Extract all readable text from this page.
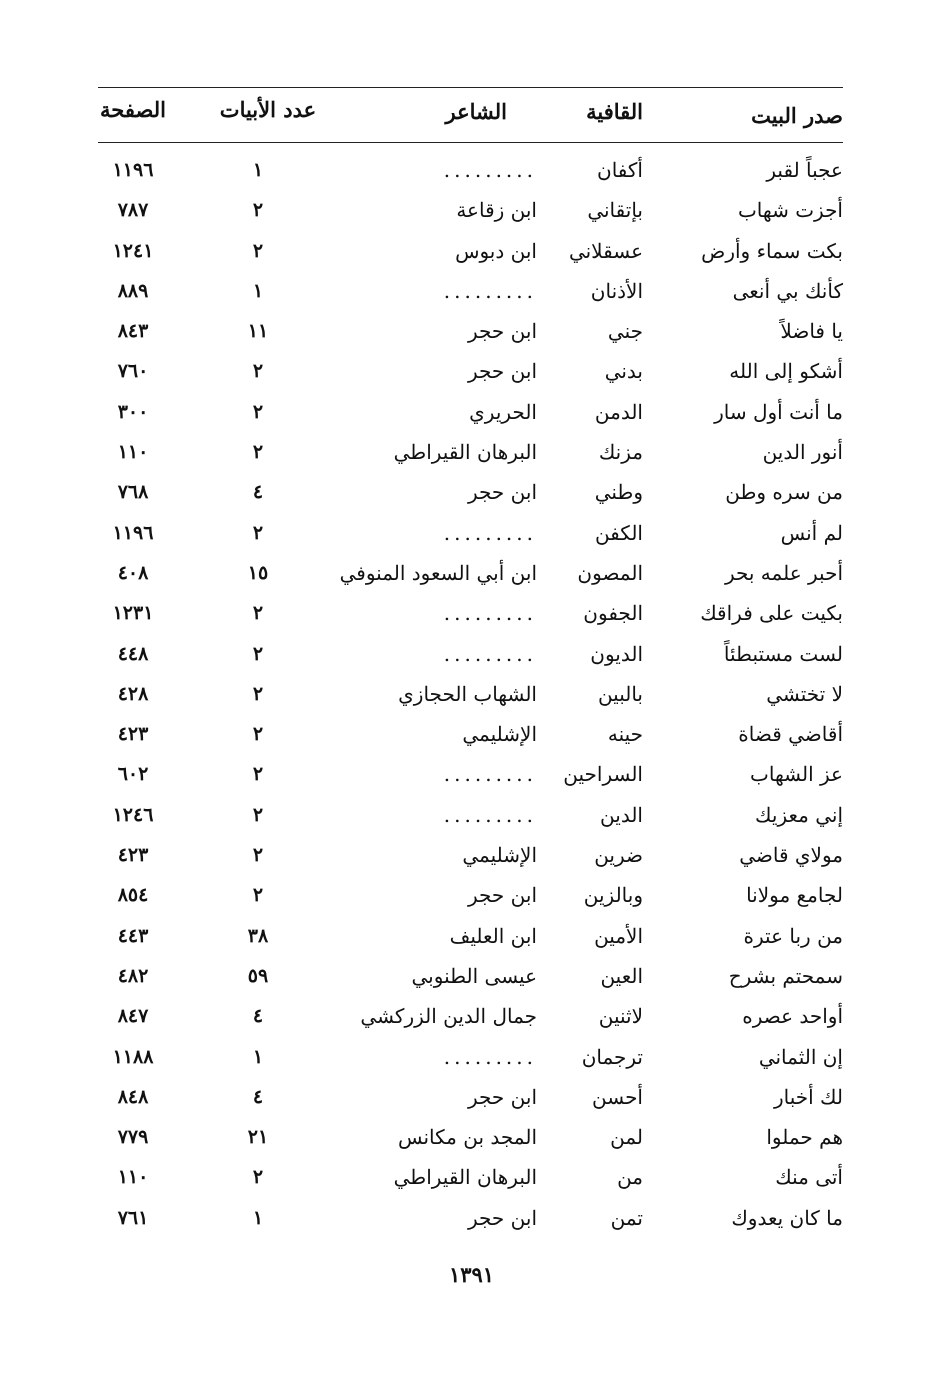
صدر البيت
القافية
الشاعر
عدد الأبيات
الصفحة
عجباً لقبر
أكفان
.........
١
١١٩٦
أجزت شهاب
بإتقاني
ابن زقاعة
٢
٧٨٧
بكت سماء وأرض
عسقلاني
ابن دبوس
٢
١٢٤١
كأنك بي أنعى
الأذنان
.........
١
٨٨٩
يا فاضلاً
جني
ابن حجر
١١
٨٤٣
أشكو إلى الله
بدني
ابن حجر
٢
٧٦٠
ما أنت أول سار
الدمن
الحريري
٢
٣٠٠
أنور الدين
مزنك
البرهان القيراطي
٢
١١٠
من سره وطن
وطني
ابن حجر
٤
٧٦٨
لم أنس
الكفن
.........
٢
١١٩٦
أحبر علمه بحر
المصون
ابن أبي السعود المنوفي
١٥
٤٠٨
بكيت على فراقك
الجفون
.........
٢
١٢٣١
لست مستبطئاً
الديون
.........
٢
٤٤٨
لا تختشي
بالبين
الشهاب الحجازي
٢
٤٢٨
أقاضي قضاة
حينه
الإشليمي
٢
٤٢٣
عز الشهاب
السراحين
.........
٢
٦٠٢
إني معزيك
الدين
.........
٢
١٢٤٦
مولاي قاضي
ضرين
الإشليمي
٢
٤٢٣
لجامع مولانا
وبالزين
ابن حجر
٢
٨٥٤
من ربا عترة
الأمين
ابن العليف
٣٨
٤٤٣
سمحتم بشرح
العين
عيسى الطنوبي
٥٩
٤٨٢
أواحد عصره
لاثنين
جمال الدين الزركشي
٤
٨٤٧
إن الثماني
ترجمان
.........
١
١١٨٨
لك أخبار
أحسن
ابن حجر
٤
٨٤٨
هم حملوا
لمن
المجد بن مكانس
٢١
٧٧٩
أتى منك
من
البرهان القيراطي
٢
١١٠
ما كان يعدوك
تمن
ابن حجر
١
٧٦١
١٣٩١
